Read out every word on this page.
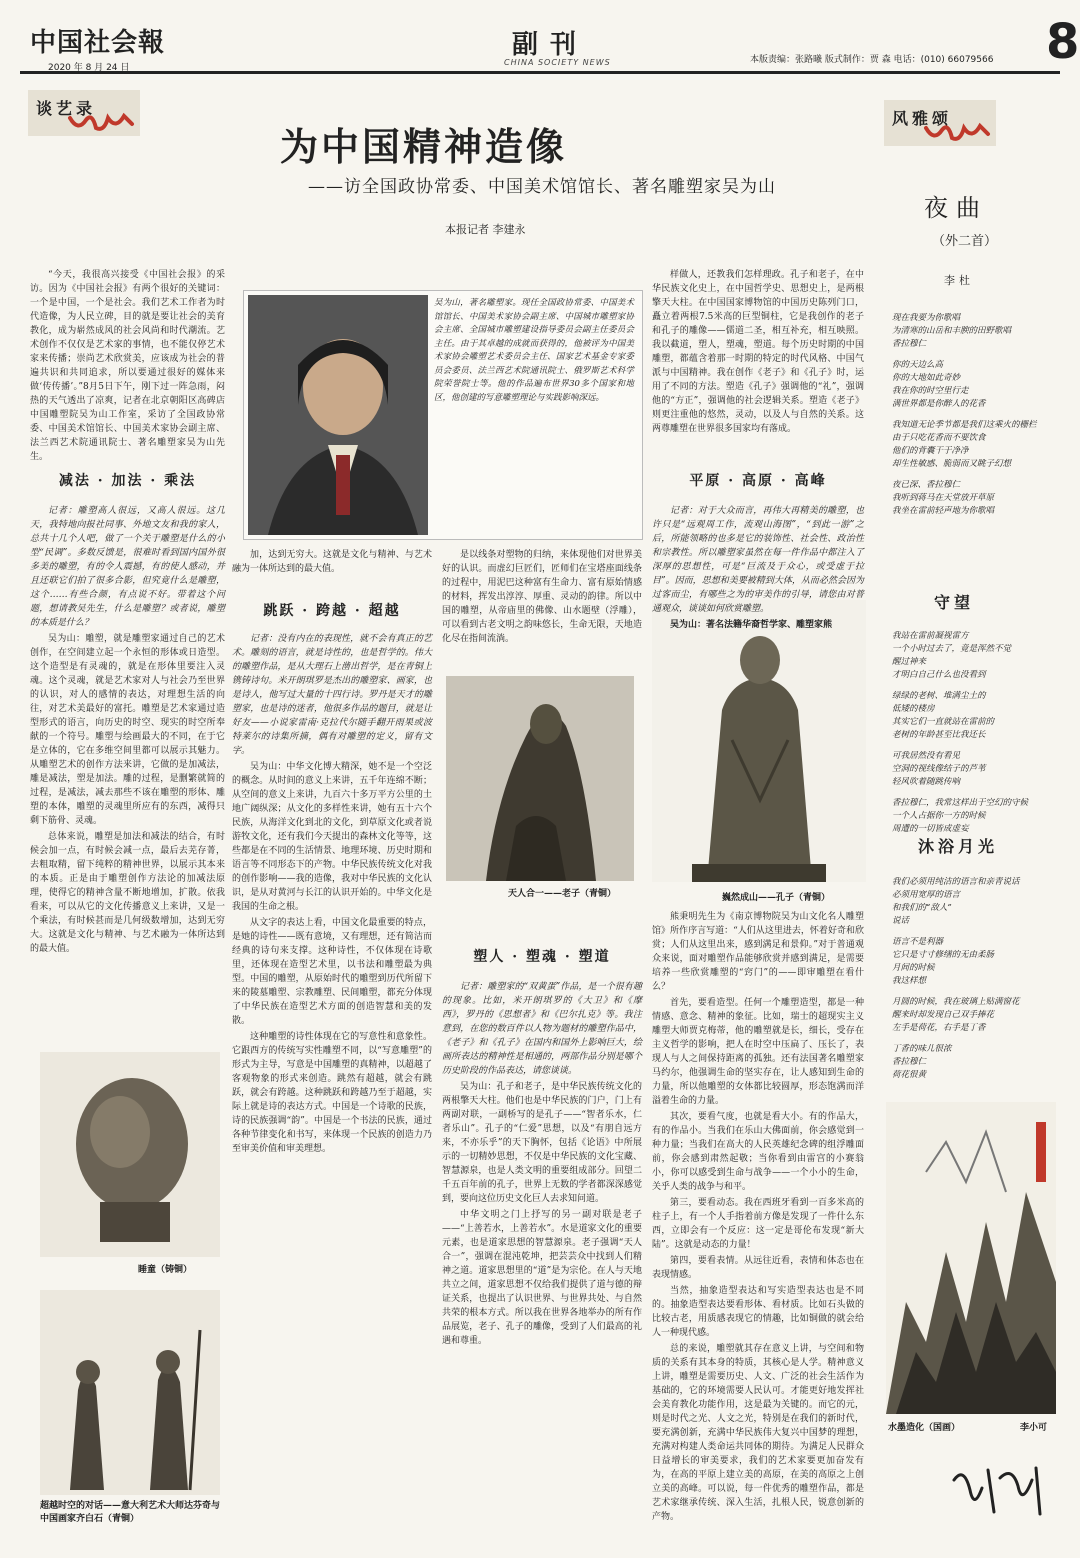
中国社会報
2020 年 8 月 24 日
副刊
CHINA SOCIETY NEWS	本版责编：张路曦 版式制作：贾 森 电话：(010) 66079566 8
谈艺录
风雅颂
为中国精神造像
——访全国政协常委、中国美术馆馆长、著名雕塑家吴为山
本报记者 李建永

“今天，我很高兴接受《中国社会报》的采访。因为《中国社会报》有两个很好的关键词：一个是中国，一个是社会。我们艺术工作者为时代造像，为人民立碑，目的就是要让社会的美育教化，成为崭然成风的社会风尚和时代潮流。艺术创作不仅仅是艺术家的事情，也不能仅停艺术家来传播；崇尚艺术欣赏美，应该成为社会的普遍共识和共同追求，所以要通过很好的媒体来做‘传传播’。”8月5日下午，刚下过一阵急雨，闷热的天气透出了凉爽，记者在北京朝阳区高碑店中国雕塑院吴为山工作室，采访了全国政协常委、中国美术馆馆长、中国美术家协会副主席、法兰西艺术院通讯院士、著名雕塑家吴为山先生。

减法 · 加法 · 乘法

记者：雕塑高人很远，又高人很远。这几天，我特地向报社同事、外地文友和我的家人，总共十几个人吧，做了一个关于雕塑是什么的小型“民调”。多数反馈是，很难时看到国内国外很多美的雕塑，有的令人震撼，有的使人感动，并且还联它们拍了很多合影，但究竟什么是雕塑，这个……有些合颜，有点说不好。带着这个问题，想请教吴先生，什么是雕塑？或者说，雕塑的本质是什么？

吴为山：雕塑，就是雕塑家通过自己的艺术创作，在空间建立起一个永恒的形体或日造型。这个造型是有灵魂的，就是在形体里要注入灵魂。这个灵魂，就是艺术家对人与社会乃至世界的认识，对人的感情的表达，对理想生活的向往，对艺术美最好的富托。雕塑是艺术家通过造型形式的语言，向历史的时空、现实的时空所奉献的一个符号。雕塑与绘画最大的不同，在于它是立体的，它在多维空间里都可以展示其魅力。从雕塑艺术的创作方法来讲，它做的是加减法，雕是减法，塑是加法。雕的过程，是删繁就简的过程，是减法，减去那些不该在雕塑的形体、雕塑的本体，雕塑的灵魂里所应有的东西，减得只剩下筋骨、灵魂。

总体来说，雕塑是加法和减法的结合，有时候会加一点，有时候会减一点，最后去芜存菁，去粗取精，留下纯粹的精神世界，以展示其本来的本质。正是由于雕塑创作方法论的加减法原理，使得它的精神含量不断地增加，扩散。依我看来，可以从它的文化传播意义上来讲，又是一个乘法，有时候甚而是几何级数增加，达到无穷大。这就是文化与精神、与艺术融为一体所达到的最大值。

睡童（铸铜）
超越时空的对话——意大利艺术大师达芬奇与中国画家齐白石（青铜）
吴为山，著名雕塑家。现任全国政协常委、中国美术馆馆长、中国美术家协会副主席、中国城市雕塑家协会主席、全国城市雕塑建设指导委员会副主任委员会主任。由于其卓越的成就而获得的，他被评为中国美术家协会雕塑艺术委员会主任、国家艺术基金专家委员会委员、法兰西艺术院通讯院士、俄罗斯艺术科学院荣誉院士等。他的作品遍布世界30多个国家和地区，他创建的写意雕塑理论与实践影响深远。

加，达到无穷大。这就是文化与精神、与艺术融为一体所达到的最大值。

跳跃 · 跨越 · 超越

记者：没有内在的表现性，就不会有真正的艺术。雕刻的语言，就是诗性的，也是哲学的。伟大的雕塑作品，是从大理石上凿出哲学，是在青铜上镌铸诗句。米开朗琪罗是杰出的雕塑家、画家，也是诗人，他写过大量的十四行诗。罗丹是天才的雕塑家，也是诗的迷者，他很多作品的题目，就是让好友——小说家雷南·克拉代尔随手翻开雨果或波特莱尔的诗集所摘，偶有对雕塑的定义，留有文字。

吴为山：中华文化博大精深，她不是一个空泛的概念。从时间的意义上来讲，五千年连绵不断；从空间的意义上来讲，九百六十多万平方公里的土地广阔纵深；从文化的多样性来讲，她有五十六个民族，从海洋文化到北的文化，到草原文化或者说游牧文化，还有我们今天提出的森林文化等等，这些都是在不同的生活情景、地理环境、历史时期和语言等不同形态下的产物。中华民族传统文化对我的创作影响——我的造像，我对中华民族的文化认识，是从对黄河与长江的认识开始的。中华文化是我国的生命之根。

从文字的表达上看，中国文化最重要的特点，是她的诗性——既有意境，又有理想，还有简洁而经典的诗句来支撑。这种诗性，不仅体现在诗歌里，还体现在造型艺术里，以书法和雕塑最为典型。中国的雕塑，从原始时代的雕塑到历代所留下来的陵墓雕塑、宗教雕塑、民间雕塑，都充分体现了中华民族在造型艺术方面的创造智慧和美的发散。

这种雕塑的诗性体现在它的写意性和意象性。它跟西方的传统写实性雕塑不同，以“写意雕塑”的形式为主导，写意是中国雕塑的真精神，以超越了客观物象的形式来创造。跳然有超越，就会有跳跃，就会有跨越。这种跳跃和跨越乃至于超越，实际上就是诗的表达方式。中国是一个诗歌的民族，诗的民族强调“韵”。中国是一个书法的民族，通过各种节律变化和书写，来体现一个民族的创造力乃至审美价值和审美理想。

是以线条对塑物的归纳，来体现他们对世界美好的认识。而虚幻巨匠们，匠师们在宝塔座面线条的过程中，用泥巴这种富有生命力、富有原始情感的材料，挥发出淳淳、厚重、灵动的韵律。所以中国的雕塑，从帝庙里的佛像、山水题壁（浮雕），可以看到古老文明之韵味悠长，生命无限，天地造化尽在指间流淌。

天人合一——老子（青铜）	巍然成山——孔子（青铜）
塑人 · 塑魂 · 塑道

记者：雕塑家的“双黄蛋”作品，是一个很有趣的现象。比如，米开朗琪罗的《大卫》和《摩西》，罗丹的《思想者》和《巴尔扎克》等。我注意到，在您的数百件以人物为题材的雕塑作品中，《老子》和《孔子》在国内和国外上影响巨大，绘画所表达的精神性是相通的，两部作品分别是哪个历史阶段的作品表达，请您谈谈。

吴为山：孔子和老子，是中华民族传统文化的两根擎天大柱。他们也是中华民族的门户，门上有两副对联，一副桥写的是孔子——“智者乐水，仁者乐山”。孔子的“仁爱”思想，以及“有朋自远方来，不亦乐乎”的天下胸怀，包括《论语》中所展示的一切精妙思想，不仅是中华民族的文化宝藏、智慧源泉，也是人类文明的重要组成部分。回望二千五百年前的孔子，世界上无数的学者都深深感觉到，要向这位历史文化巨人去求知问道。

中华文明之门上抒写的另一副对联是老子——“上善若水，上善若水”。水是道家文化的重要元素，也是道家思想的智慧源泉。老子强调“天人合一”，强调在混沌乾坤，把芸芸众中找到人们精神之道。道家思想里的“道”是为宗伦。在人与天地共立之间，道家思想不仅给我们提供了道与德的辩证关系，也提出了认识世界、与世界共处、与自然共荣的根本方式。所以我在世界各地举办的所有作品展览，老子、孔子的雕像，受到了人们最高的礼遇和尊重。

样做人，还教我们怎样理政。孔子和老子，在中华民族文化史上，在中国哲学史、思想史上，是两根擎天大柱。在中国国家博物馆的中国历史陈列门口，矗立着两根7.5米高的巨型铜柱，它是我创作的老子和孔子的雕像——儒道二圣，相互补充，相互映照。我以截道，塑人，塑魂，塑道。每个历史时期的中国雕塑，都蕴含着那一时期的特定的时代风格、中国气派与中国精神。我在创作《老子》和《孔子》时，运用了不同的方法。塑造《孔子》强调他的“礼”，强调他的“方正”，强调他的社会逻辑关系。塑造《老子》则更注重他的悠然，灵动，以及人与自然的关系。这两尊雕塑在世界很多国家均有落成。

平原 · 高原 · 高峰

记者：对于大众而言，再伟大再精美的雕塑，也许只是“远观周工作，流观山海图”，“到此一游”之后，所能领略的也多是它的装饰性、社会性、政治性和宗教性。所以雕塑家虽然在每一件作品中都注入了深厚的思想性，可是“巨流及于众心，或受虚于拉目”。因而，思想和美要被精到大体，从而必然会因为过客而尘，有哪些之为的审美作的引导，请您由对普通观众，谈谈如何欣赏雕塑。

吴为山：著名法籍华裔哲学家、雕塑家熊

熊秉明先生为《南京博物院吴为山文化名人雕塑馆》所作序言写道：“人们从这里进去，怀着好奇和欣赏；人们从这里出来，感到满足和景仰。”对于普通观众来说，面对雕塑作品能够欣赏并感到满足，是需要培养一些欣赏雕塑的“窍门”的——即审雕塑在看什么？

首先，要看造型。任何一个雕塑造型，都是一种情感、意念、精神的象征。比如，瑞士的超现实主义雕塑大师贾克梅蒂，他的雕塑就是长，细长，受存在主义哲学的影响，把人在时空中压扁了、压长了，表现人与人之间保持距离的孤独。还有法国著名雕塑家马约尔，他强调生命的坚实存在，让人感知到生命的力量，所以他雕塑的女体都比较圆厚，形态饱满而洋溢着生命的力量。

其次，要看气度，也就是看大小。有的作品大，有的作品小。当我们在乐山大佛面前，你会感觉到一种力量；当我们在高大的人民英雄纪念碑的组浮雕面前，你会感到肃然起敬；当你看到由雷宫的小赛翁小，你可以感受到生命与战争——一个小小的生命，关乎人类的战争与和平。

第三，要看动态。我在西班牙看到一百多米高的柱子上，有一个人手指着前方像是发现了一件什么东西，立即会有一个反应：这一定是哥伦布发现“新大陆”。这就是动态的力量！

第四，要看表情。从远往近看，表情和体态也在表现情感。

当然，抽象造型表达和写实造型表达也是不同的。抽象造型表达要看形体、看材质。比如石头做的比较古老，用质感表现它的情趣，比如铜做的就会给人一种现代感。

总的来说，雕塑就其存在意义上讲，与空间和物质的关系有其本身的特质，其核心是人学。精神意义上讲，雕塑是需要历史、人文、广泛的社会生活作为基础的，它的环境需要人民认可。才能更好地发挥社会美育教化功能作用，这是最为关键的。而它的元，则是时代之光、人文之光，特别是在我们的新时代，要充满创新，充满中华民族伟大复兴中国梦的理想，充满对构建人类命运共同体的期待。为满足人民群众日益增长的审美要求，我们的艺术家要更加奋发有为，在高的平原上建立美的高原，在美的高原之上创立美的高峰。可以说，每一件优秀的雕塑作品，都是艺术家继承传统、深入生活，扎根人民，锐意创新的产物。

夜曲
（外二首）
李杜
现在我要为你歌唱
为清寒的山岳和丰腴的田野歌唱
香拉穆仁
你的天边么高
你的大地如此奇妙
我在你的时空里行走
满世界都是你醉人的花香
我知道无论季节都是我们这乘火的栅栏
由于只吃花香而不要饮食
他们的背囊干于净净
却生性敏感、脆弱而又眺子幻想
夜已深、香拉穆仁
我听到蒋马在天堂放开草原
我坐在雷前轻声地为你歌唱
守望
我站在雷前凝视雷方
一个小时过去了，竟是浑然不觉
醒过神来
才明白自己什么也没看到
绿绿的老树、堆满尘土的
低矮的楼房
其实它们一直就站在雷前的
老树的年龄甚至比我还长
可我居然没有看见
空洞的视线像结子的芦苇
轻风吹着随跳传响
香拉穆仁，我常这样出于空幻的守候
一个人占据你一方的时候
周遭的一切皆成虚妄
沐浴月光
我们必须用纯洁的语言和亲青说话
必须用宽厚的语言
和我们的“敌人”
说话
语言不是利器
它只是寸寸修缮的无由柔肠
月间的时候
我这样想
月圆的时候，我在玻璃上贴满窗花
醒来时却发现自己双手捧花
左手是荷花，右手是丁香
丁香的味儿很浓
香拉穆仁
荷花很黄
水墨造化（国画）	李小可
